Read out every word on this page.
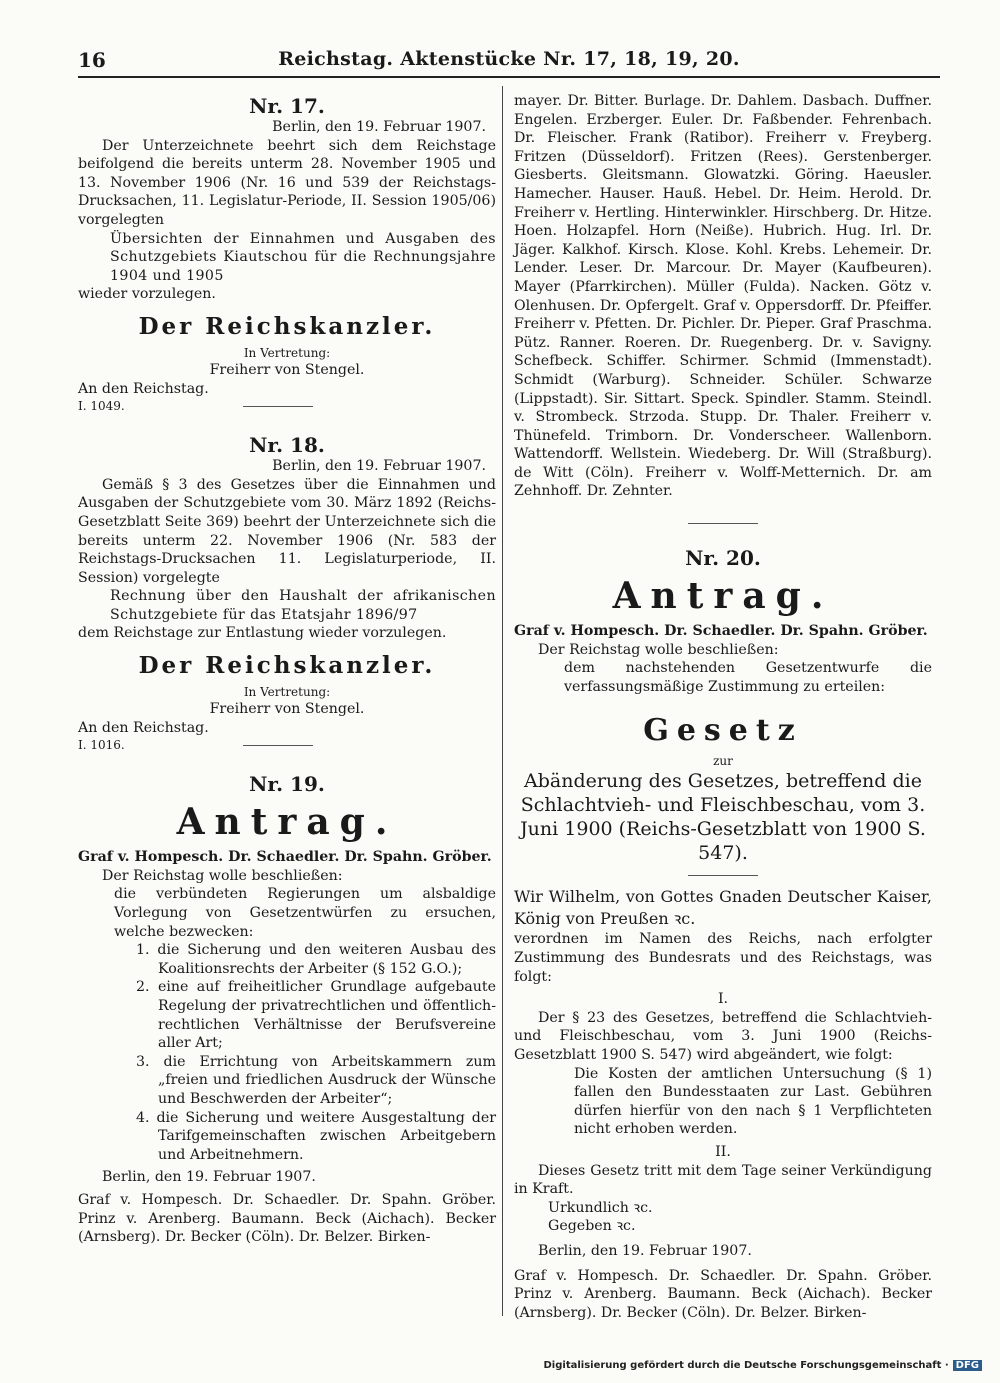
16	Reichstag. Aktenstücke Nr. 17, 18, 19, 20.

Nr. 17.

Berlin, den 19. Februar 1907.

Der Unterzeichnete beehrt sich dem Reichstage beifolgend die bereits unterm 28. November 1905 und 13. November 1906 (Nr. 16 und 539 der Reichstags-Drucksachen, 11. Legislatur-Periode, II. Session 1905/06) vorgelegten

Übersichten der Einnahmen und Ausgaben des Schutzgebiets Kiautschou für die Rechnungsjahre 1904 und 1905

wieder vorzulegen.

Der Reichskanzler.

In Vertretung:

Freiherr von Stengel.

An den Reichstag.

I. 1049.

Nr. 18.

Berlin, den 19. Februar 1907.

Gemäß § 3 des Gesetzes über die Einnahmen und Ausgaben der Schutzgebiete vom 30. März 1892 (Reichs-Gesetzblatt Seite 369) beehrt der Unterzeichnete sich die bereits unterm 22. November 1906 (Nr. 583 der Reichstags-Drucksachen 11. Legislaturperiode, II. Session) vorgelegte

Rechnung über den Haushalt der afrikanischen Schutzgebiete für das Etatsjahr 1896/97

dem Reichstage zur Entlastung wieder vorzulegen.

Der Reichskanzler.

In Vertretung:

Freiherr von Stengel.

An den Reichstag.

I. 1016.

Nr. 19.

Antrag.

Graf v. Hompesch. Dr. Schaedler. Dr. Spahn. Gröber.

Der Reichstag wolle beschließen:

die verbündeten Regierungen um alsbaldige Vorlegung von Gesetzentwürfen zu ersuchen, welche bezwecken:

1. die Sicherung und den weiteren Ausbau des Koalitionsrechts der Arbeiter (§ 152 G.O.);

2. eine auf freiheitlicher Grundlage aufgebaute Regelung der privatrechtlichen und öffentlich-rechtlichen Verhältnisse der Berufsvereine aller Art;

3. die Errichtung von Arbeitskammern zum „freien und friedlichen Ausdruck der Wünsche und Beschwerden der Arbeiter“;

4. die Sicherung und weitere Ausgestaltung der Tarifgemeinschaften zwischen Arbeitgebern und Arbeitnehmern.

Berlin, den 19. Februar 1907.

Graf v. Hompesch. Dr. Schaedler. Dr. Spahn. Gröber. Prinz v. Arenberg. Baumann. Beck (Aichach). Becker (Arnsberg). Dr. Becker (Cöln). Dr. Belzer. Birken-

mayer. Dr. Bitter. Burlage. Dr. Dahlem. Dasbach. Duffner. Engelen. Erzberger. Euler. Dr. Faßbender. Fehrenbach. Dr. Fleischer. Frank (Ratibor). Freiherr v. Freyberg. Fritzen (Düsseldorf). Fritzen (Rees). Gerstenberger. Giesberts. Gleitsmann. Glowatzki. Göring. Haeusler. Hamecher. Hauser. Hauß. Hebel. Dr. Heim. Herold. Dr. Freiherr v. Hertling. Hinterwinkler. Hirschberg. Dr. Hitze. Hoen. Holzapfel. Horn (Neiße). Hubrich. Hug. Irl. Dr. Jäger. Kalkhof. Kirsch. Klose. Kohl. Krebs. Lehemeir. Dr. Lender. Leser. Dr. Marcour. Dr. Mayer (Kaufbeuren). Mayer (Pfarrkirchen). Müller (Fulda). Nacken. Götz v. Olenhusen. Dr. Opfergelt. Graf v. Oppersdorff. Dr. Pfeiffer. Freiherr v. Pfetten. Dr. Pichler. Dr. Pieper. Graf Praschma. Pütz. Ranner. Roeren. Dr. Ruegenberg. Dr. v. Savigny. Schefbeck. Schiffer. Schirmer. Schmid (Immenstadt). Schmidt (Warburg). Schneider. Schüler. Schwarze (Lippstadt). Sir. Sittart. Speck. Spindler. Stamm. Steindl. v. Strombeck. Strzoda. Stupp. Dr. Thaler. Freiherr v. Thünefeld. Trimborn. Dr. Vonderscheer. Wallenborn. Wattendorff. Wellstein. Wiedeberg. Dr. Will (Straßburg). de Witt (Cöln). Freiherr v. Wolff-Metternich. Dr. am Zehnhoff. Dr. Zehnter.

Nr. 20.

Antrag.

Graf v. Hompesch. Dr. Schaedler. Dr. Spahn. Gröber.

Der Reichstag wolle beschließen:

dem nachstehenden Gesetzentwurfe die verfassungsmäßige Zustimmung zu erteilen:

Gesetz

zur

Abänderung des Gesetzes, betreffend die Schlachtvieh- und Fleischbeschau, vom 3. Juni 1900 (Reichs-Gesetzblatt von 1900 S. 547).

Wir Wilhelm, von Gottes Gnaden Deutscher Kaiser, König von Preußen ꝛc.

verordnen im Namen des Reichs, nach erfolgter Zustimmung des Bundesrats und des Reichstags, was folgt:

I.

Der § 23 des Gesetzes, betreffend die Schlachtvieh- und Fleischbeschau, vom 3. Juni 1900 (Reichs-Gesetzblatt 1900 S. 547) wird abgeändert, wie folgt:

Die Kosten der amtlichen Untersuchung (§ 1) fallen den Bundesstaaten zur Last. Gebühren dürfen hierfür von den nach § 1 Verpflichteten nicht erhoben werden.

II.

Dieses Gesetz tritt mit dem Tage seiner Verkündigung in Kraft.

Urkundlich ꝛc.

Gegeben ꝛc.

Berlin, den 19. Februar 1907.

Graf v. Hompesch. Dr. Schaedler. Dr. Spahn. Gröber. Prinz v. Arenberg. Baumann. Beck (Aichach). Becker (Arnsberg). Dr. Becker (Cöln). Dr. Belzer. Birken-

Digitalisierung gefördert durch die Deutsche Forschungsgemeinschaft · DFG
